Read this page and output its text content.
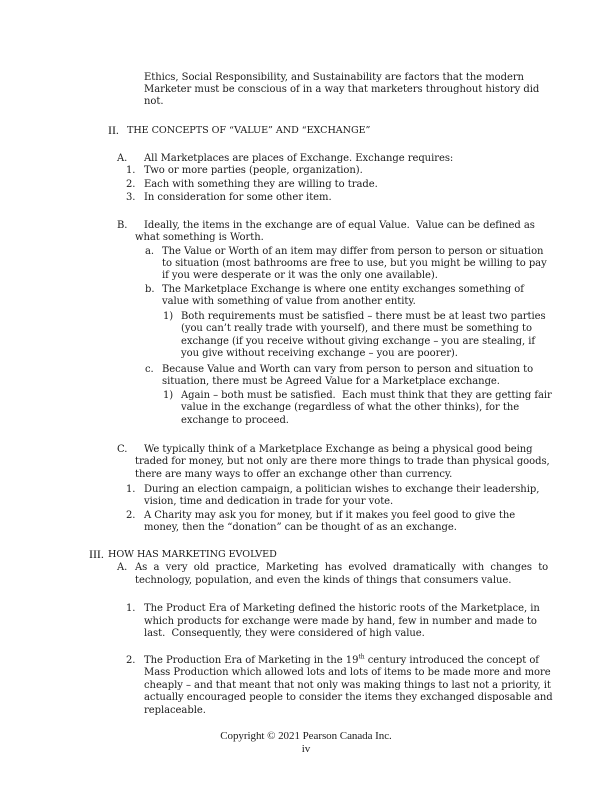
Ethics, Social Responsibility, and Sustainability are factors that the modern
Marketer must be conscious of in a way that marketers throughout history did
not.
II. THE CONCEPTS OF “VALUE” AND “EXCHANGE”
A. All Marketplaces are places of Exchange. Exchange requires:
1. Two or more parties (people, organization).
2. Each with something they are willing to trade.
3. In consideration for some other item.
B. Ideally, the items in the exchange are of equal Value.  Value can be defined as
what something is Worth.
a. The Value or Worth of an item may differ from person to person or situation
to situation (most bathrooms are free to use, but you might be willing to pay
if you were desperate or it was the only one available).
b. The Marketplace Exchange is where one entity exchanges something of
value with something of value from another entity.
1) Both requirements must be satisfied – there must be at least two parties
(you can’t really trade with yourself), and there must be something to
exchange (if you receive without giving exchange – you are stealing, if
you give without receiving exchange – you are poorer).
c. Because Value and Worth can vary from person to person and situation to
situation, there must be Agreed Value for a Marketplace exchange.
1) Again – both must be satisfied.  Each must think that they are getting fair
value in the exchange (regardless of what the other thinks), for the
exchange to proceed.
C. We typically think of a Marketplace Exchange as being a physical good being
traded for money, but not only are there more things to trade than physical goods,
there are many ways to offer an exchange other than currency.
1. During an election campaign, a politician wishes to exchange their leadership,
vision, time and dedication in trade for your vote.
2. A Charity may ask you for money, but if it makes you feel good to give the
money, then the “donation” can be thought of as an exchange.
III. HOW HAS MARKETING EVOLVED
A. As  a  very  old  practice,  Marketing  has  evolved  dramatically  with  changes  to
technology, population, and even the kinds of things that consumers value.
1. The Product Era of Marketing defined the historic roots of the Marketplace, in
which products for exchange were made by hand, few in number and made to
last.  Consequently, they were considered of high value.
2. The Production Era of Marketing in the 19th century introduced the concept of
Mass Production which allowed lots and lots of items to be made more and more
cheaply – and that meant that not only was making things to last not a priority, it
actually encouraged people to consider the items they exchanged disposable and
replaceable.
Copyright © 2021 Pearson Canada Inc.
iv
